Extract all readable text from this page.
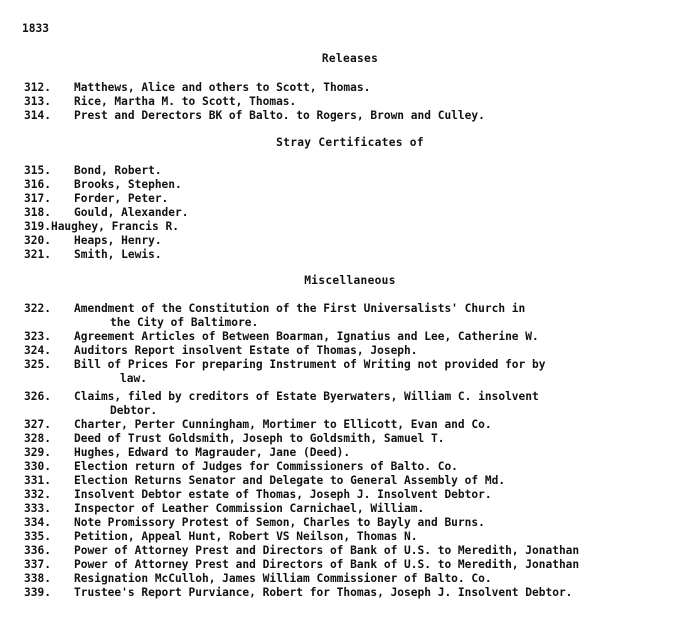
1833
Releases
312.	Matthews, Alice and others to Scott, Thomas.
313.	Rice, Martha M. to Scott, Thomas.
314.	Prest and Derectors BK of Balto. to Rogers, Brown and Culley.
Stray Certificates of
315.	Bond, Robert.
316.	Brooks, Stephen.
317.	Forder, Peter.
318.	Gould, Alexander.
319. Haughey, Francis R.
320.	Heaps, Henry.
321.	Smith, Lewis.
Miscellaneous
322.	Amendment of the Constitution of the First Universalists' Church in
the City of Baltimore.
323.	Agreement Articles of Between Boarman, Ignatius and Lee, Catherine W.
324.	Auditors Report insolvent Estate of Thomas, Joseph.
325.	Bill of Prices For preparing Instrument of Writing not provided for by
law.
326.	Claims, filed by creditors of Estate Byerwaters, William C. insolvent
Debtor.
327.	Charter, Perter Cunningham, Mortimer to Ellicott, Evan and Co.
328.	Deed of Trust Goldsmith, Joseph to Goldsmith, Samuel T.
329.	Hughes, Edward to Magrauder, Jane (Deed).
330.	Election return of Judges for Commissioners of Balto. Co.
331.	Election Returns Senator and Delegate to General Assembly of Md.
332.	Insolvent Debtor estate of Thomas, Joseph J. Insolvent Debtor.
333.	Inspector of Leather Commission Carnichael, William.
334.	Note Promissory Protest of Semon, Charles to Bayly and Burns.
335.	Petition, Appeal Hunt, Robert VS Neilson, Thomas N.
336.	Power of Attorney Prest and Directors of Bank of U.S. to Meredith, Jonathan
337.	Power of Attorney Prest and Directors of Bank of U.S. to Meredith, Jonathan
338.	Resignation McCulloh, James William Commissioner of Balto. Co.
339.	Trustee's Report Purviance, Robert for Thomas, Joseph J. Insolvent Debtor.
